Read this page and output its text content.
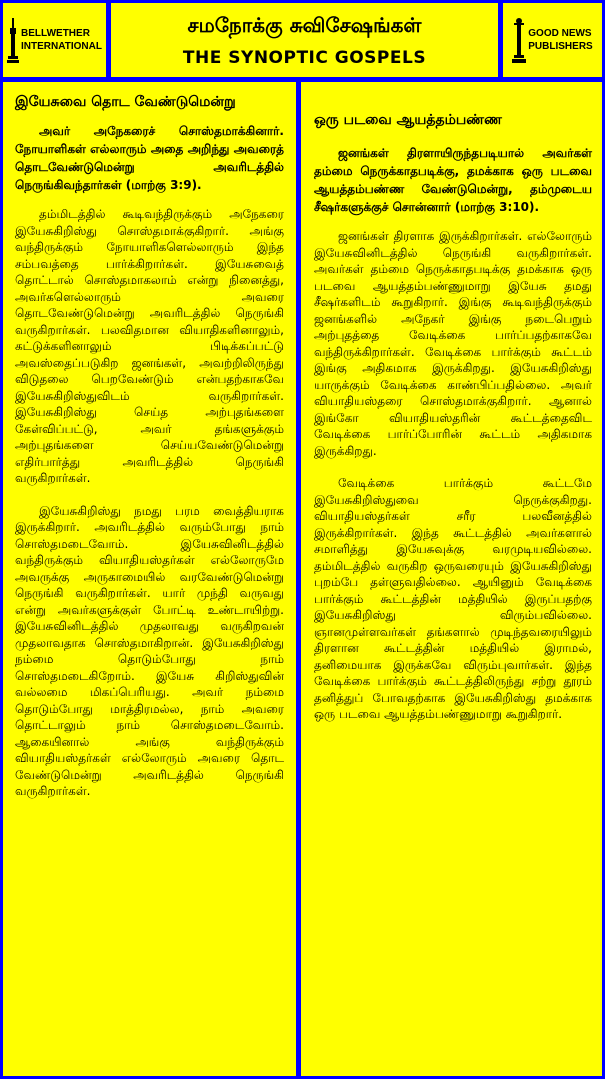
BELLWETHER
INTERNATIONAL
சமநோக்கு சுவிசேஷங்கள்
THE SYNOPTIC GOSPELS
GOOD NEWS
PUBLISHERS
இயேசுவை தொட வேண்டுமென்று
அவர் அநேகரைச் சொஸ்தமாக்கினார். நோயாளிகள் எல்லாரும் அதை அறிந்து அவரைத் தொடவேண்டுமென்று அவரிடத்தில் நெருங்கிவந்தார்கள் (மாற்கு 3:9).

தம்மிடத்தில் கூடிவந்திருக்கும் அநேகரை இயேசுகிறிஸ்து சொஸ்தமாக்குகிறார். அங்கு வந்திருக்கும் நோயாளிகளெல்லாரும் இந்த சம்பவத்தை பார்க்கிறார்கள். இயேசுவைத் தொட்டால் சொஸ்தமாகலாம் என்று நினைத்து, அவர்களெல்லாரும் அவரை தொடவேண்டுமென்று அவரிடத்தில் நெருங்கி வருகிறார்கள். பலவிதமான வியாதிகளினாலும், கட்டுக்களினாலும் பிடிக்கப்பட்டு அவஸ்தைப்படுகிற ஜனங்கள், அவற்றிலிருந்து விடுதலை பெறவேண்டும் என்பதற்காகவே இயேசுகிறிஸ்துவிடம் வருகிறார்கள். இயேசுகிறிஸ்து செய்த அற்புதங்களை கேள்விப்பட்டு, அவர் தங்களுக்கும் அற்புதங்களை செய்யவேண்டுமென்று எதிர்பார்த்து அவரிடத்தில் நெருங்கி வருகிறார்கள்.

இயேசுகிறிஸ்து நமது பரம வைத்தியராக இருக்கிறார். அவரிடத்தில் வரும்போது நாம் சொஸ்தமடைவோம். இயேசுவினிடத்தில் வந்திருக்கும் வியாதியஸ்தர்கள் எல்லோருமே அவருக்கு அருகாமையில் வரவேண்டுமென்று நெருங்கி வருகிறார்கள். யார் முந்தி வருவது என்று அவர்களுக்குள் போட்டி உண்டாயிற்று. இயேசுவினிடத்தில் முதலாவது வருகிறவன் முதலாவதாக சொஸ்தமாகிறான். இயேசுகிறிஸ்து நம்மை தொடும்போது நாம் சொஸ்தமடைகிறோம். இயேசு கிறிஸ்துவின் வல்லமை மிகப்பெரியது. அவர் நம்மை தொடும்போது மாத்திரமல்ல, நாம் அவரை தொட்டாலும் நாம் சொஸ்தமடைவோம். ஆகையினால் அங்கு வந்திருக்கும் வியாதியஸ்தர்கள் எல்லோரும் அவரை தொட வேண்டுமென்று அவரிடத்தில் நெருங்கி வருகிறார்கள்.

ஒரு படவை ஆயத்தம்பண்ண
ஜனங்கள் திரளாயிருந்தபடியால் அவர்கள் தம்மை நெருக்காதபடிக்கு, தமக்காக ஒரு படவை ஆயத்தம்பண்ண வேண்டுமென்று, தம்முடைய சீஷர்களுக்குச் சொன்னார் (மாற்கு 3:10).

ஜனங்கள் திரளாக இருக்கிறார்கள். எல்லோரும் இயேசுவினிடத்தில் நெருங்கி வருகிறார்கள். அவர்கள் தம்மை நெருக்காதபடிக்கு தமக்காக ஒரு படவை ஆயத்தம்பண்ணுமாறு இயேசு தமது சீஷர்களிடம் கூறுகிறார். இங்கு கூடிவந்திருக்கும் ஜனங்களில் அநேகர் இங்கு நடைபெறும் அற்புதத்தை வேடிக்கை பார்ப்பதற்காகவே வந்திருக்கிறார்கள். வேடிக்கை பார்க்கும் கூட்டம் இங்கு அதிகமாக இருக்கிறது. இயேசுகிறிஸ்து யாருக்கும் வேடிக்கை காண்பிப்பதில்லை. அவர் வியாதியஸ்தரை சொஸ்தமாக்குகிறார். ஆனால் இங்கோ வியாதியஸ்தரின் கூட்டத்தைவிட வேடிக்கை பார்ப்போரின் கூட்டம் அதிகமாக இருக்கிறது.

வேடிக்கை பார்க்கும் கூட்டமே இயேசுகிறிஸ்துவை நெருக்குகிறது. வியாதியஸ்தர்கள் சரீர பலவீனத்தில் இருக்கிறார்கள். இந்த கூட்டத்தில் அவர்களால் சமாளித்து இயேசுவுக்கு வரமுடியவில்லை. தம்மிடத்தில் வருகிற ஒருவரையும் இயேசுகிறிஸ்து புறம்பே தள்ளுவதில்லை. ஆயினும் வேடிக்கை பார்க்கும் கூட்டத்தின் மத்தியில் இருப்பதற்கு இயேசுகிறிஸ்து விரும்பவில்லை. ஞானமுள்ளவர்கள் தங்களால் முடிந்தவரையிலும் திரளான கூட்டத்தின் மத்தியில் இராமல், தனிமையாக இருக்கவே விரும்புவார்கள். இந்த வேடிக்கை பார்க்கும் கூட்டத்திலிருந்து சற்று தூரம் தனித்துப் போவதற்காக இயேசுகிறிஸ்து தமக்காக ஒரு படவை ஆயத்தம்பண்ணுமாறு கூறுகிறார்.
